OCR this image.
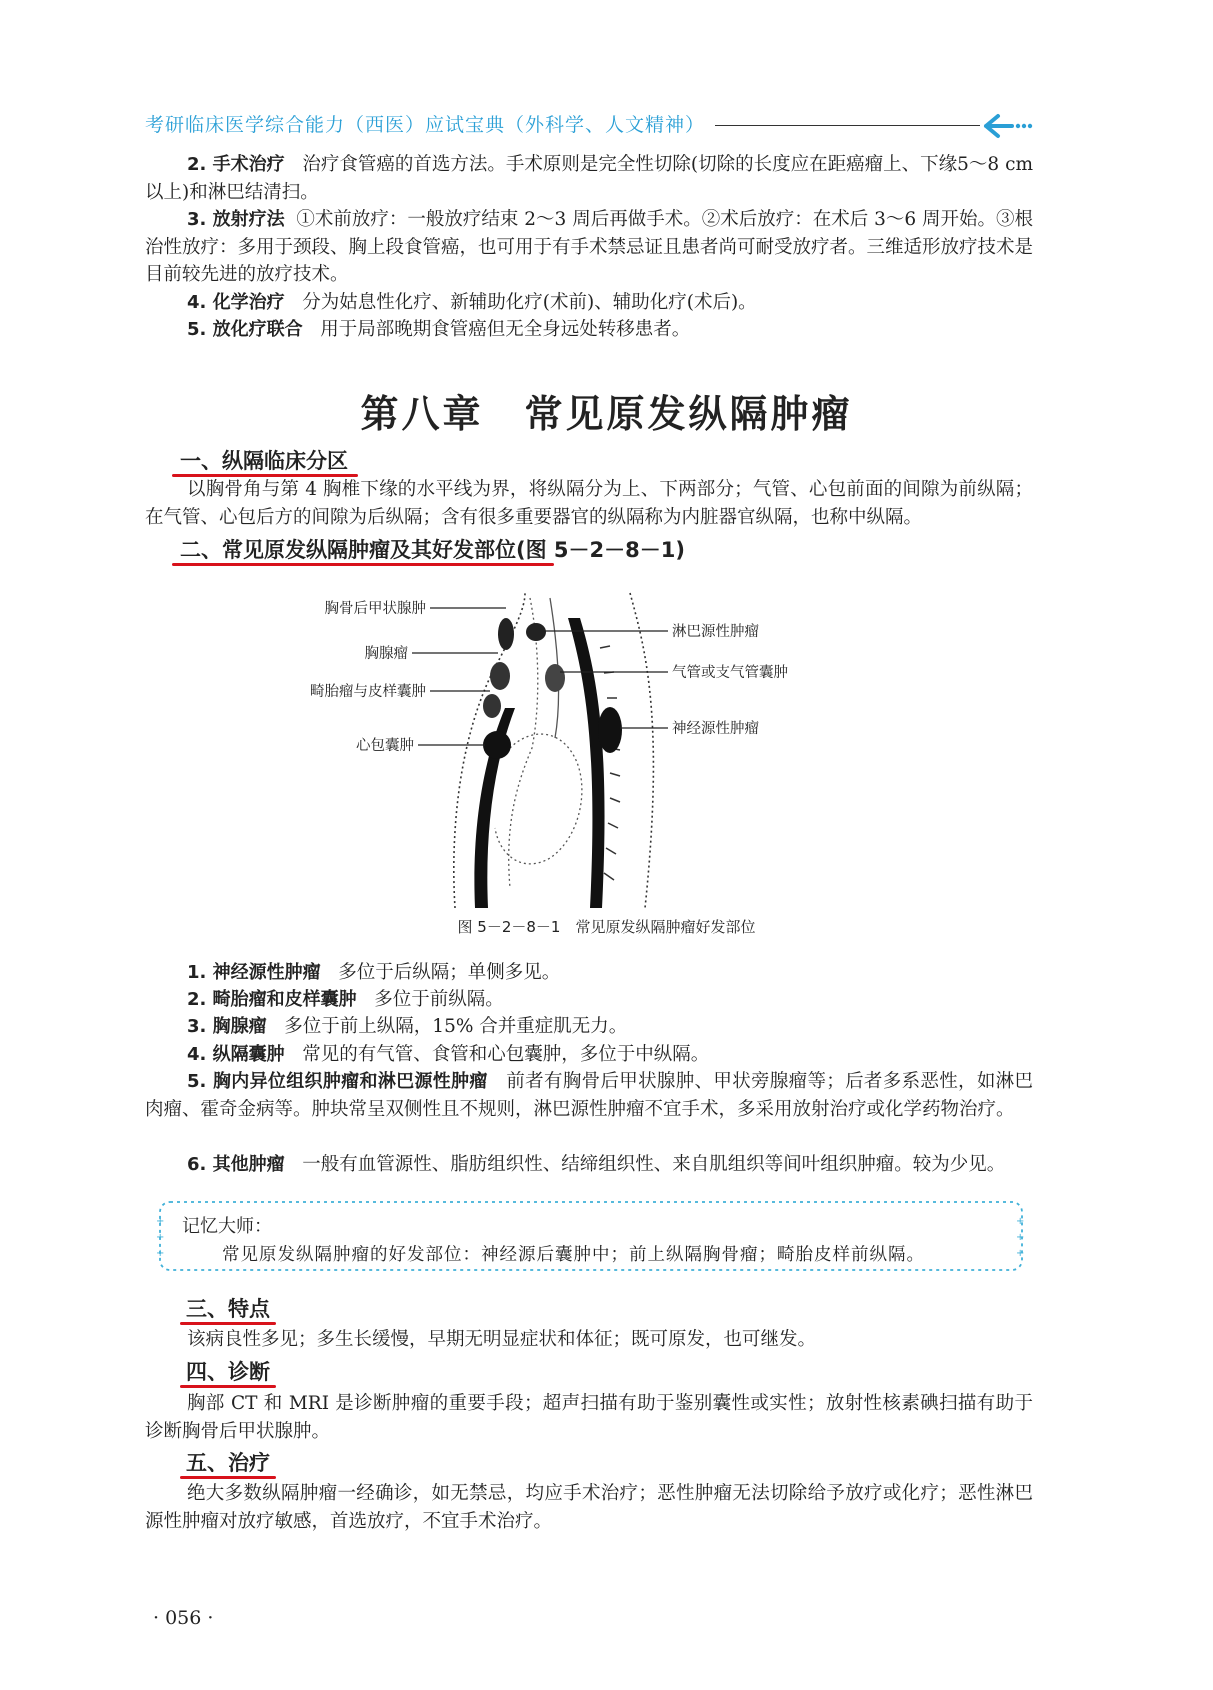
考研临床医学综合能力（西医）应试宝典（外科学、人文精神）
2. 手术治疗 治疗食管癌的首选方法。手术原则是完全性切除(切除的长度应在距癌瘤上、下缘5～8 cm 以上)和淋巴结清扫。
3. 放射疗法 ①术前放疗：一般放疗结束 2～3 周后再做手术。②术后放疗：在术后 3～6 周开始。③根治性放疗：多用于颈段、胸上段食管癌，也可用于有手术禁忌证且患者尚可耐受放疗者。三维适形放疗技术是目前较先进的放疗技术。
4. 化学治疗 分为姑息性化疗、新辅助化疗(术前)、辅助化疗(术后)。
5. 放化疗联合 用于局部晚期食管癌但无全身远处转移患者。
第八章　常见原发纵隔肿瘤
一、纵隔临床分区
以胸骨角与第 4 胸椎下缘的水平线为界，将纵隔分为上、下两部分；气管、心包前面的间隙为前纵隔；在气管、心包后方的间隙为后纵隔；含有很多重要器官的纵隔称为内脏器官纵隔，也称中纵隔。
二、常见原发纵隔肿瘤及其好发部位(图 5－2－8－1)
胸骨后甲状腺肿
胸腺瘤
畸胎瘤与皮样囊肿
心包囊肿
淋巴源性肿瘤
气管或支气管囊肿
神经源性肿瘤
图 5－2－8－1　常见原发纵隔肿瘤好发部位
1. 神经源性肿瘤 多位于后纵隔；单侧多见。
2. 畸胎瘤和皮样囊肿 多位于前纵隔。
3. 胸腺瘤 多位于前上纵隔，15% 合并重症肌无力。
4. 纵隔囊肿 常见的有气管、食管和心包囊肿，多位于中纵隔。
5. 胸内异位组织肿瘤和淋巴源性肿瘤 前者有胸骨后甲状腺肿、甲状旁腺瘤等；后者多系恶性，如淋巴肉瘤、霍奇金病等。肿块常呈双侧性且不规则，淋巴源性肿瘤不宜手术，多采用放射治疗或化学药物治疗。
6. 其他肿瘤 一般有血管源性、脂肪组织性、结缔组织性、来自肌组织等间叶组织肿瘤。较为少见。
+
+
+
+
+
+
记忆大师：
常见原发纵隔肿瘤的好发部位：神经源后囊肿中；前上纵隔胸骨瘤；畸胎皮样前纵隔。
三、特点
该病良性多见；多生长缓慢，早期无明显症状和体征；既可原发，也可继发。
四、诊断
胸部 CT 和 MRI 是诊断肿瘤的重要手段；超声扫描有助于鉴别囊性或实性；放射性核素碘扫描有助于诊断胸骨后甲状腺肿。
五、治疗
绝大多数纵隔肿瘤一经确诊，如无禁忌，均应手术治疗；恶性肿瘤无法切除给予放疗或化疗；恶性淋巴源性肿瘤对放疗敏感，首选放疗，不宜手术治疗。
· 056 ·
